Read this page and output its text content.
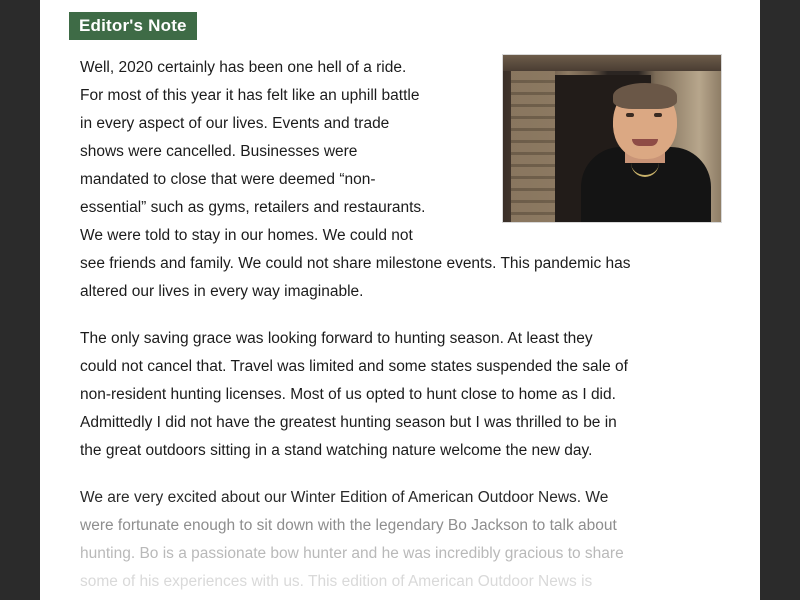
Editor's Note

Well, 2020 certainly has been one hell of a ride.
For most of this year it has felt like an uphill battle
in every aspect of our lives. Events and trade
shows were cancelled. Businesses were
mandated to close that were deemed “non-
essential” such as gyms, retailers and restaurants.
We were told to stay in our homes. We could not
see friends and family. We could not share milestone events. This pandemic has
altered our lives in every way imaginable.

The only saving grace was looking forward to hunting season. At least they
could not cancel that. Travel was limited and some states suspended the sale of
non-resident hunting licenses. Most of us opted to hunt close to home as I did.
Admittedly I did not have the greatest hunting season but I was thrilled to be in
the great outdoors sitting in a stand watching nature welcome the new day.

We are very excited about our Winter Edition of American Outdoor News. We
were fortunate enough to sit down with the legendary Bo Jackson to talk about
hunting. Bo is a passionate bow hunter and he was incredibly gracious to share
some of his experiences with us. This edition of American Outdoor News is
